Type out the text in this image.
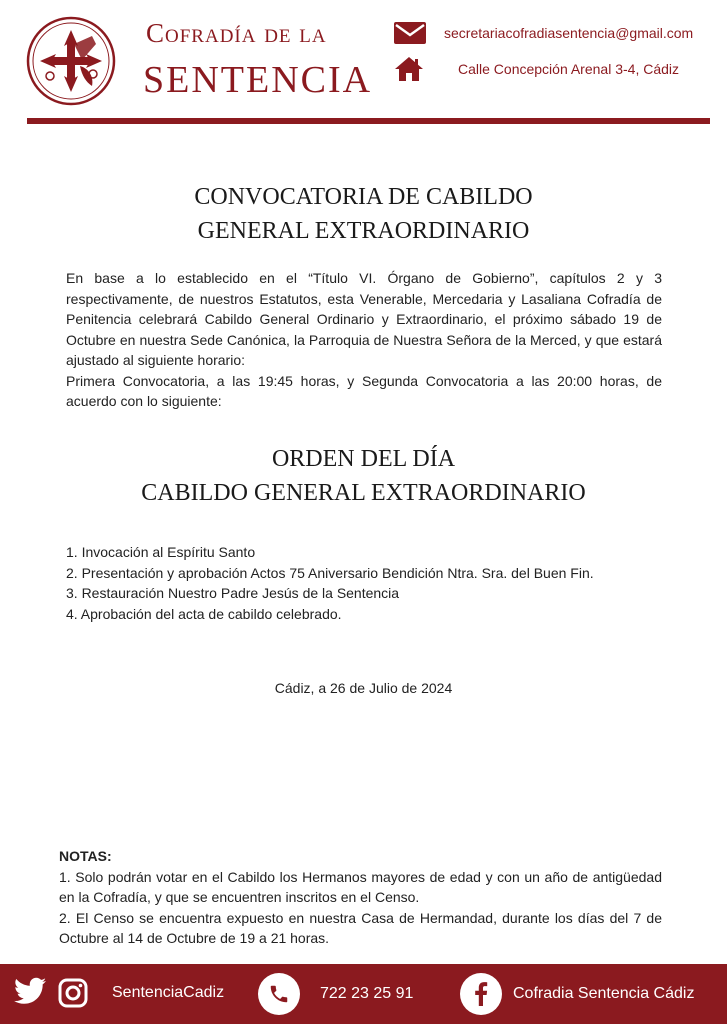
Cofradía de la
SENTENCIA
secretariacofradiasentencia@gmail.com
Calle Concepción Arenal 3-4, Cádiz
CONVOCATORIA DE CABILDO
GENERAL EXTRAORDINARIO

En base a lo establecido en el “Título VI. Órgano de Gobierno”, capítulos 2 y 3 respectivamente, de nuestros Estatutos, esta Venerable, Mercedaria y Lasaliana Cofradía de Penitencia celebrará Cabildo General Ordinario y Extraordinario, el próximo sábado 19 de Octubre en nuestra Sede Canónica, la Parroquia de Nuestra Señora de la Merced, y que estará ajustado al siguiente horario:

Primera Convocatoria, a las 19:45 horas, y Segunda Convocatoria a las 20:00 horas, de acuerdo con lo siguiente:

ORDEN DEL DÍA
CABILDO GENERAL EXTRAORDINARIO
1. Invocación al Espíritu Santo
2. Presentación y aprobación Actos 75 Aniversario Bendición Ntra. Sra. del Buen Fin.
3. Restauración Nuestro Padre Jesús de la Sentencia
4. Aprobación del acta de cabildo celebrado.
Cádiz, a 26 de Julio de 2024
NOTAS:
1. Solo podrán votar en el Cabildo los Hermanos mayores de edad y con un año de antigüedad en la Cofradía, y que se encuentren inscritos en el Censo.
2. El Censo se encuentra expuesto en nuestra Casa de Hermandad, durante los días del 7 de Octubre al 14 de Octubre de 19 a 21 horas.
SentenciaCadiz	722 23 25 91	Cofradia Sentencia Cádiz
